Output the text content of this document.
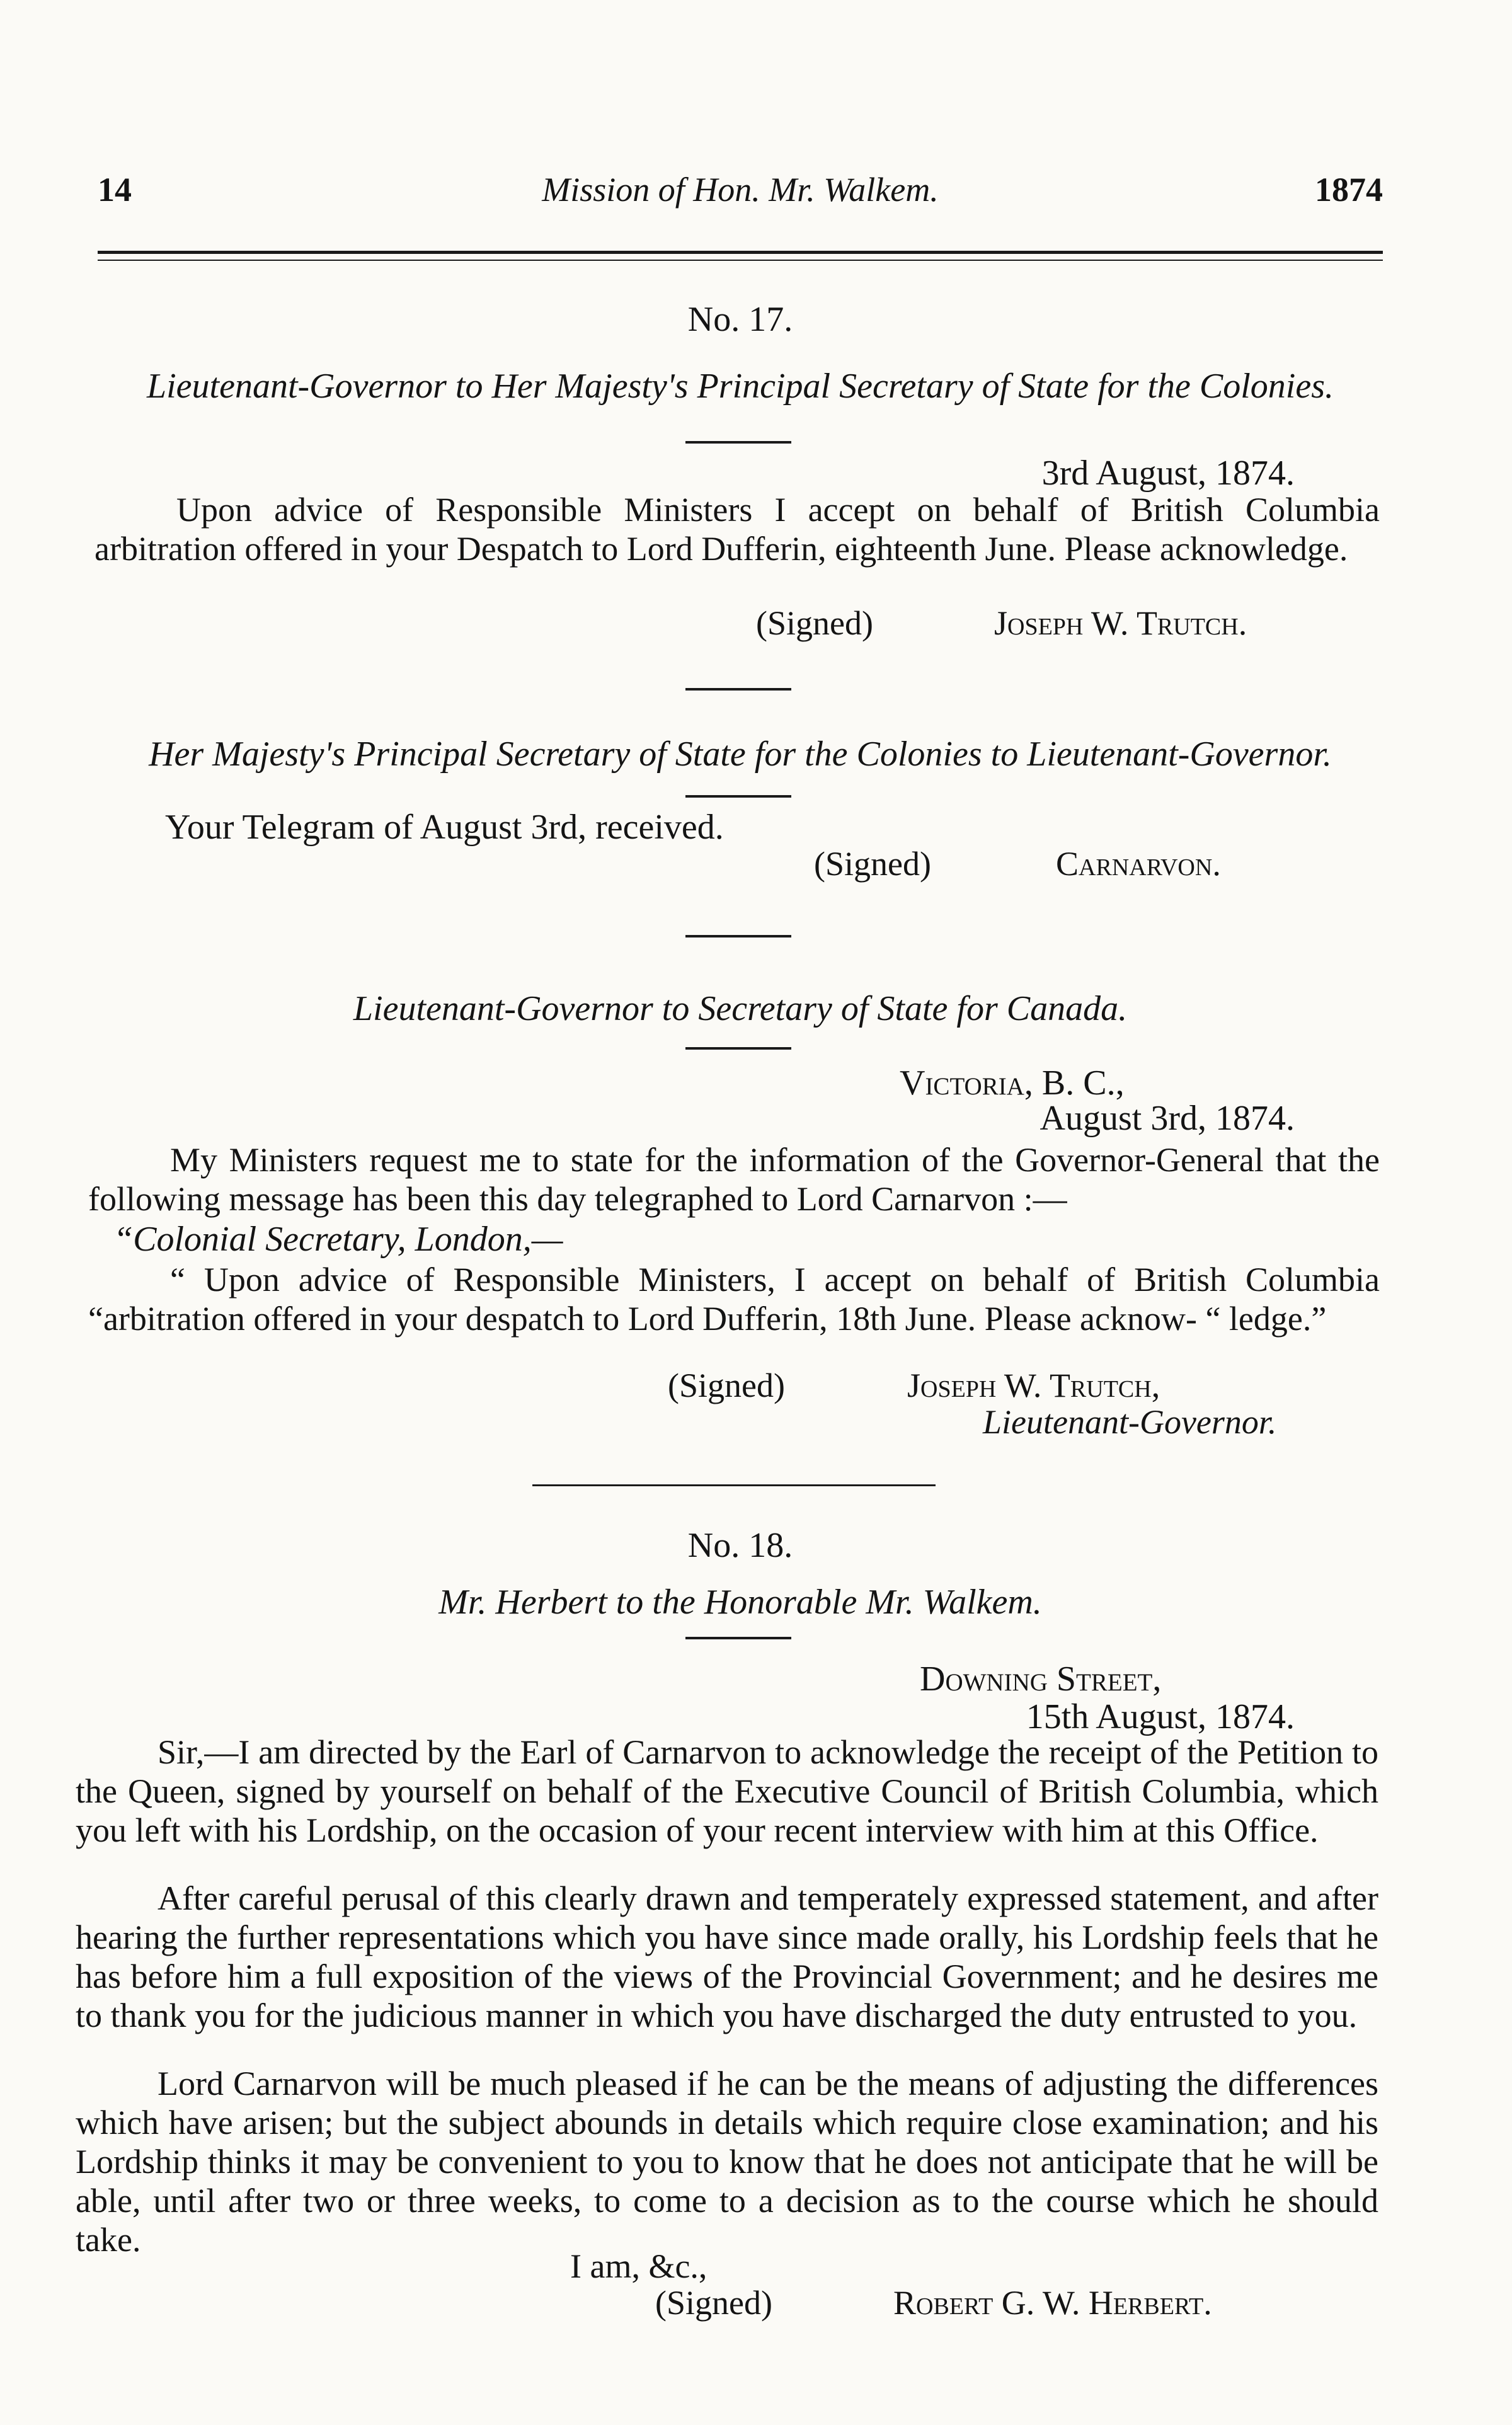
14	Mission of Hon. Mr. Walkem.	1874
No. 17.
Lieutenant-Governor to Her Majesty's Principal Secretary of State for the Colonies.
3rd August, 1874.
Upon advice of Responsible Ministers I accept on behalf of British Columbia arbitration offered in your Despatch to Lord Dufferin, eighteenth June. Please acknowledge.
(Signed)	Joseph W. Trutch.
Her Majesty's Principal Secretary of State for the Colonies to Lieutenant-Governor.
Your Telegram of August 3rd, received.
(Signed)	Carnarvon.
Lieutenant-Governor to Secretary of State for Canada.
Victoria, B. C.,
August 3rd, 1874.
My Ministers request me to state for the information of the Governor-General that the following message has been this day telegraphed to Lord Carnarvon :—
“Colonial Secretary, London,—
“ Upon advice of Responsible Ministers, I accept on behalf of British Columbia “arbitration offered in your despatch to Lord Dufferin, 18th June. Please acknow- “ ledge.”
(Signed)	Joseph W. Trutch,
Lieutenant-Governor.
No. 18.
Mr. Herbert to the Honorable Mr. Walkem.
Downing Street,
15th August, 1874.
Sir,—I am directed by the Earl of Carnarvon to acknowledge the receipt of the Petition to the Queen, signed by yourself on behalf of the Executive Council of British Columbia, which you left with his Lordship, on the occasion of your recent interview with him at this Office.
After careful perusal of this clearly drawn and temperately expressed statement, and after hearing the further representations which you have since made orally, his Lordship feels that he has before him a full exposition of the views of the Provincial Government; and he desires me to thank you for the judicious manner in which you have discharged the duty entrusted to you.
Lord Carnarvon will be much pleased if he can be the means of adjusting the differences which have arisen; but the subject abounds in details which require close examination; and his Lordship thinks it may be convenient to you to know that he does not anticipate that he will be able, until after two or three weeks, to come to a decision as to the course which he should take.
I am, &c.,
(Signed)	Robert G. W. Herbert.
